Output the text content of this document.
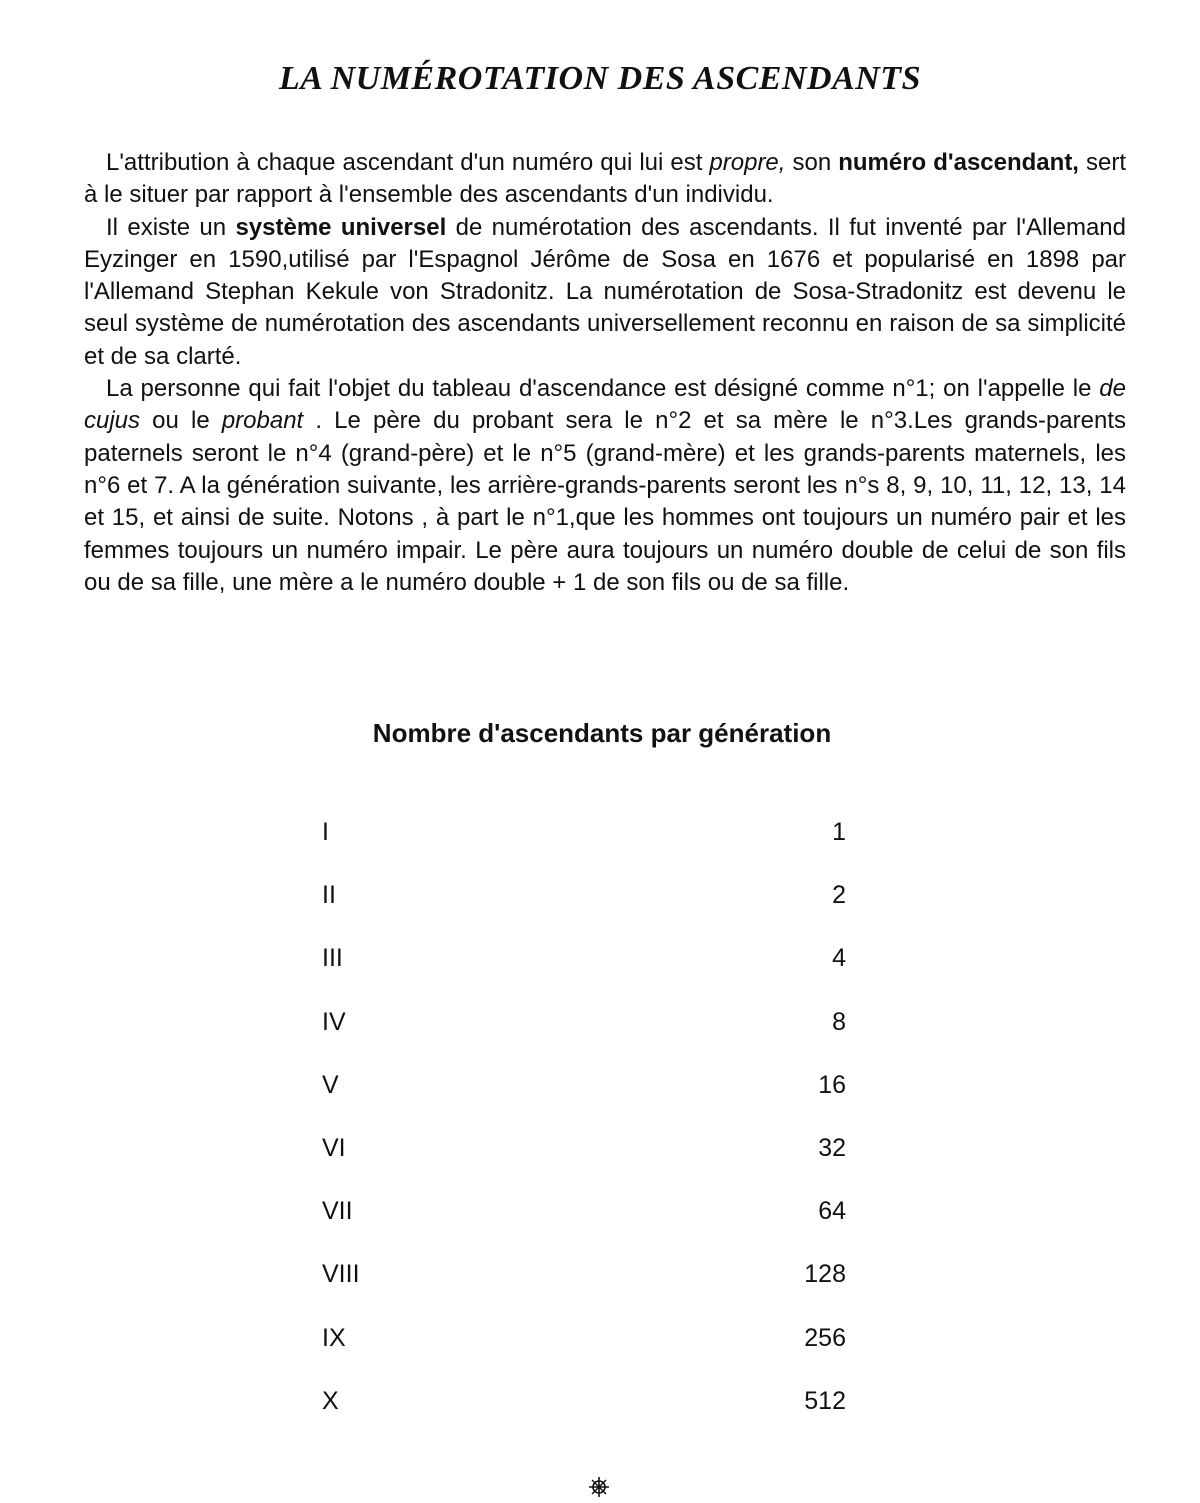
LA NUMÉROTATION DES ASCENDANTS

L'attribution à chaque ascendant d'un numéro qui lui est propre, son numéro d'ascendant, sert à le situer par rapport à l'ensemble des ascendants d'un individu.

Il existe un système universel de numérotation des ascendants. Il fut inventé par l'Allemand Eyzinger en 1590,utilisé par l'Espagnol Jérôme de Sosa en 1676 et popularisé en 1898 par l'Allemand Stephan Kekule von Stradonitz. La numérotation de Sosa-Stradonitz est devenu le seul système de numérotation des ascendants universellement reconnu en raison de sa simplicité et de sa clarté.

La personne qui fait l'objet du tableau d'ascendance est désigné comme n°1; on l'appelle le de cujus ou le probant . Le père du probant sera le n°2 et sa mère le n°3.Les grands-parents paternels seront le n°4 (grand-père) et le n°5 (grand-mère) et les grands-parents maternels, les n°6 et 7. A la génération suivante, les arrière-grands-parents seront les n°s 8, 9, 10, 11, 12, 13, 14 et 15, et ainsi de suite. Notons , à part le n°1,que les hommes ont toujours un numéro pair et les femmes toujours un numéro impair. Le père aura toujours un numéro double de celui de son fils ou de sa fille, une mère a le numéro double + 1 de son fils ou de sa fille.

Nombre d'ascendants par génération
I	1
II	2
III	4
IV	8
V	16
VI	32
VII	64
VIII	128
IX	256
X	512
